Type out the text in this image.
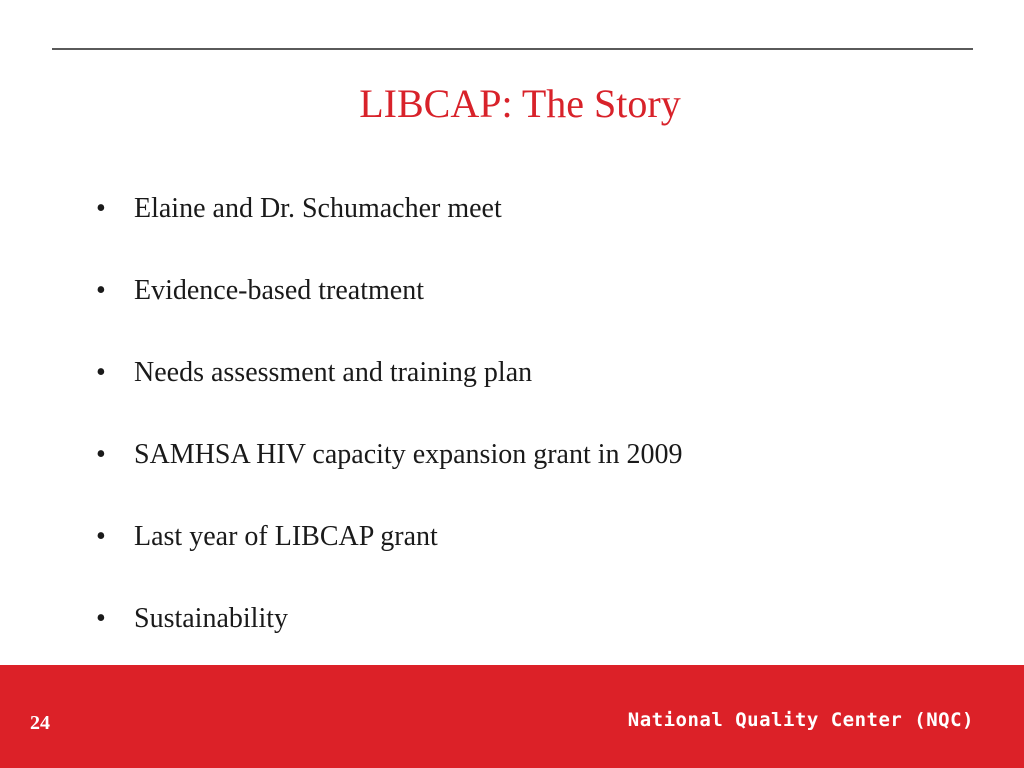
LIBCAP: The Story
•	Elaine and Dr. Schumacher meet
•	Evidence-based treatment
•	Needs assessment and training plan
•	SAMHSA HIV capacity expansion grant in 2009
•	Last year of LIBCAP grant
•	Sustainability
24	National Quality Center (NQC)
